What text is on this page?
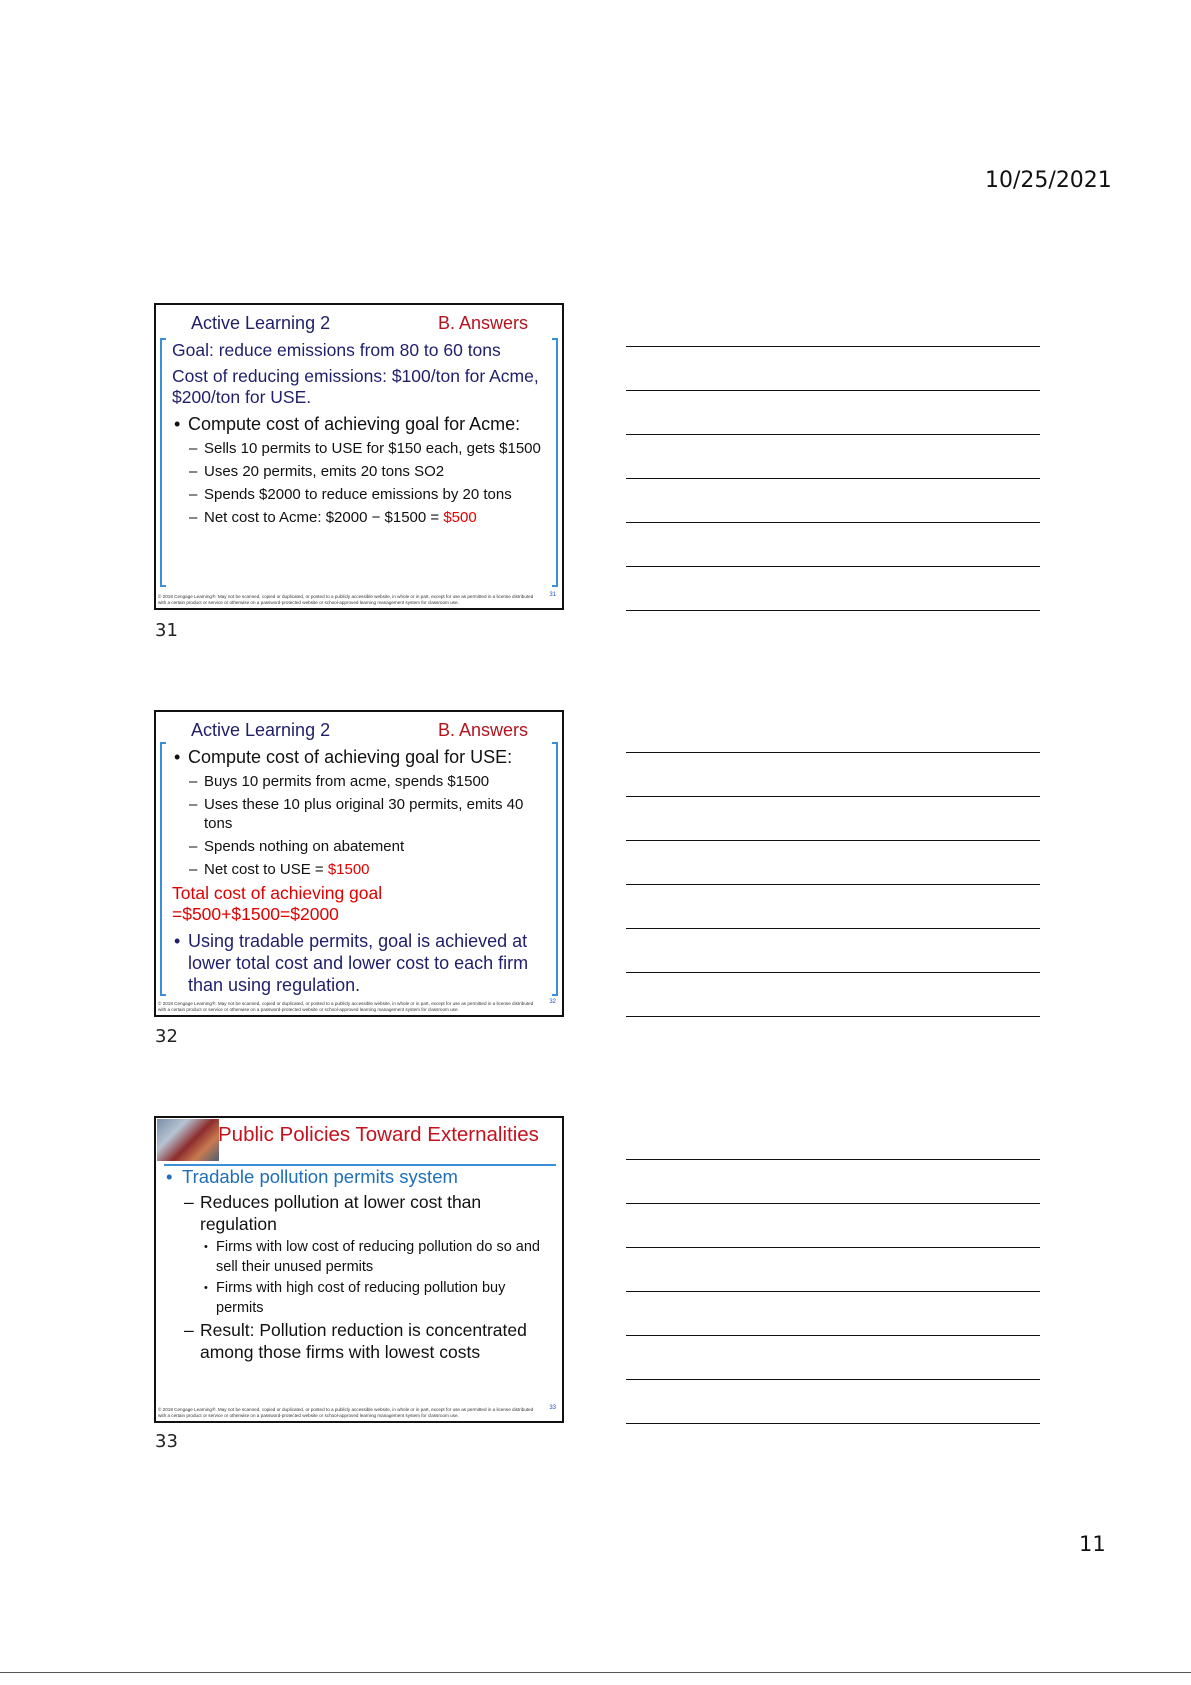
10/25/2021
Active Learning 2	B. Answers

Goal: reduce emissions from 80 to 60 tons

Cost of reducing emissions: $100/ton for Acme, $200/ton for USE.

• Compute cost of achieving goal for Acme:
– Sells 10 permits to USE for $150 each, gets $1500
– Uses 20 permits, emits 20 tons SO2
– Spends $2000 to reduce emissions by 20 tons
– Net cost to Acme: $2000 − $1500 = $500
© 2018 Cengage Learning®. May not be scanned, copied or duplicated, or posted to a publicly accessible website, in whole or in part, except for use as permitted in a license distributed with a certain product or service or otherwise on a password-protected website or school-approved learning management system for classroom use.
31
31
Active Learning 2	B. Answers
• Compute cost of achieving goal for USE:
– Buys 10 permits from acme, spends $1500
– Uses these 10 plus original 30 permits, emits 40 tons
– Spends nothing on abatement
– Net cost to USE = $1500

Total cost of achieving goal =$500+$1500=$2000

• Using tradable permits, goal is achieved at lower total cost and lower cost to each firm than using regulation.
© 2018 Cengage Learning®. May not be scanned, copied or duplicated, or posted to a publicly accessible website, in whole or in part, except for use as permitted in a license distributed with a certain product or service or otherwise on a password-protected website or school-approved learning management system for classroom use.
32
32
Public Policies Toward Externalities
• Tradable pollution permits system
– Reduces pollution at lower cost than regulation
• Firms with low cost of reducing pollution do so and sell their unused permits
• Firms with high cost of reducing pollution buy permits
– Result: Pollution reduction is concentrated among those firms with lowest costs
© 2018 Cengage Learning®. May not be scanned, copied or duplicated, or posted to a publicly accessible website, in whole or in part, except for use as permitted in a license distributed with a certain product or service or otherwise on a password-protected website or school-approved learning management system for classroom use.
33
33
11
